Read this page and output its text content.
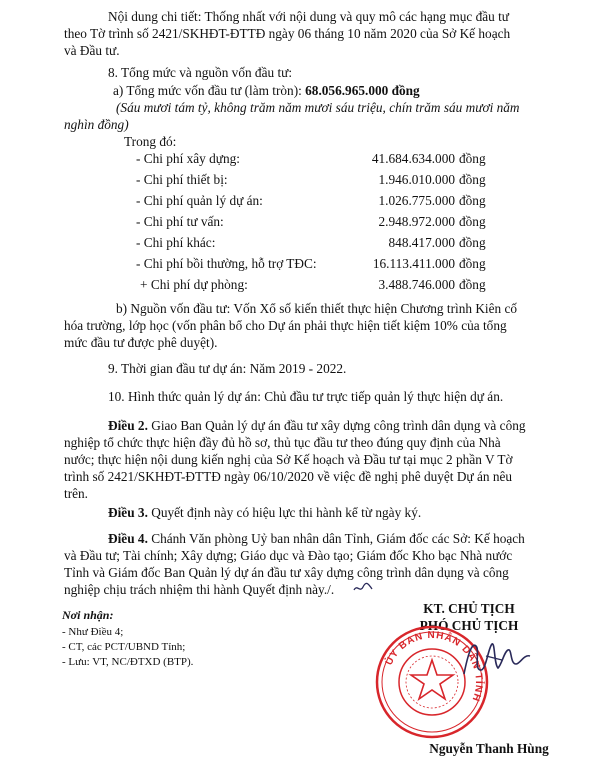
Nội dung chi tiết: Thống nhất với nội dung và quy mô các hạng mục đầu tư
theo Tờ trình số 2421/SKHĐT-ĐTTĐ ngày 06 tháng 10 năm 2020 của Sở Kế hoạch
và Đầu tư.
8. Tổng mức và nguồn vốn đầu tư:
a) Tổng mức vốn đầu tư (làm tròn): 68.056.965.000 đồng
(Sáu mươi tám tỷ, không trăm năm mươi sáu triệu, chín trăm sáu mươi năm
nghìn đồng)
Trong đó:
- Chi phí xây dựng:	41.684.634.000 đồng
- Chi phí thiết bị:	1.946.010.000 đồng
- Chi phí quản lý dự án:	1.026.775.000 đồng
- Chi phí tư vấn:	2.948.972.000 đồng
- Chi phí khác:	848.417.000 đồng
- Chi phí bồi thường, hỗ trợ TĐC:	16.113.411.000 đồng
+ Chi phí dự phòng:	3.488.746.000 đồng
b) Nguồn vốn đầu tư: Vốn Xổ số kiến thiết thực hiện Chương trình Kiên cố
hóa trường, lớp học (vốn phân bổ cho Dự án phải thực hiện tiết kiệm 10% của tổng
mức đầu tư được phê duyệt).
9. Thời gian đầu tư dự án: Năm 2019 - 2022.
10. Hình thức quản lý dự án: Chủ đầu tư trực tiếp quản lý thực hiện dự án.
Điều 2. Giao Ban Quản lý dự án đầu tư xây dựng công trình dân dụng và công
nghiệp tổ chức thực hiện đầy đủ hồ sơ, thủ tục đầu tư theo đúng quy định của Nhà
nước; thực hiện nội dung kiến nghị của Sở Kế hoạch và Đầu tư tại mục 2 phần V Tờ
trình số 2421/SKHĐT-ĐTTĐ ngày 06/10/2020 về việc đề nghị phê duyệt Dự án nêu
trên.
Điều 3. Quyết định này có hiệu lực thi hành kể từ ngày ký.
Điều 4. Chánh Văn phòng Uỷ ban nhân dân Tỉnh, Giám đốc các Sở: Kế hoạch
và Đầu tư; Tài chính; Xây dựng; Giáo dục và Đào tạo; Giám đốc Kho bạc Nhà nước
Tỉnh và Giám đốc Ban Quản lý dự án đầu tư xây dựng công trình dân dụng và công
nghiệp chịu trách nhiệm thi hành Quyết định này./.
Nơi nhận:
- Như Điều 4;
- CT, các PCT/UBND Tỉnh;
- Lưu: VT, NC/ĐTXD (BTP).
KT. CHỦ TỊCH
PHÓ CHỦ TỊCH
ỦY BAN NHÂN DÂN TỈNH
Nguyễn Thanh Hùng
